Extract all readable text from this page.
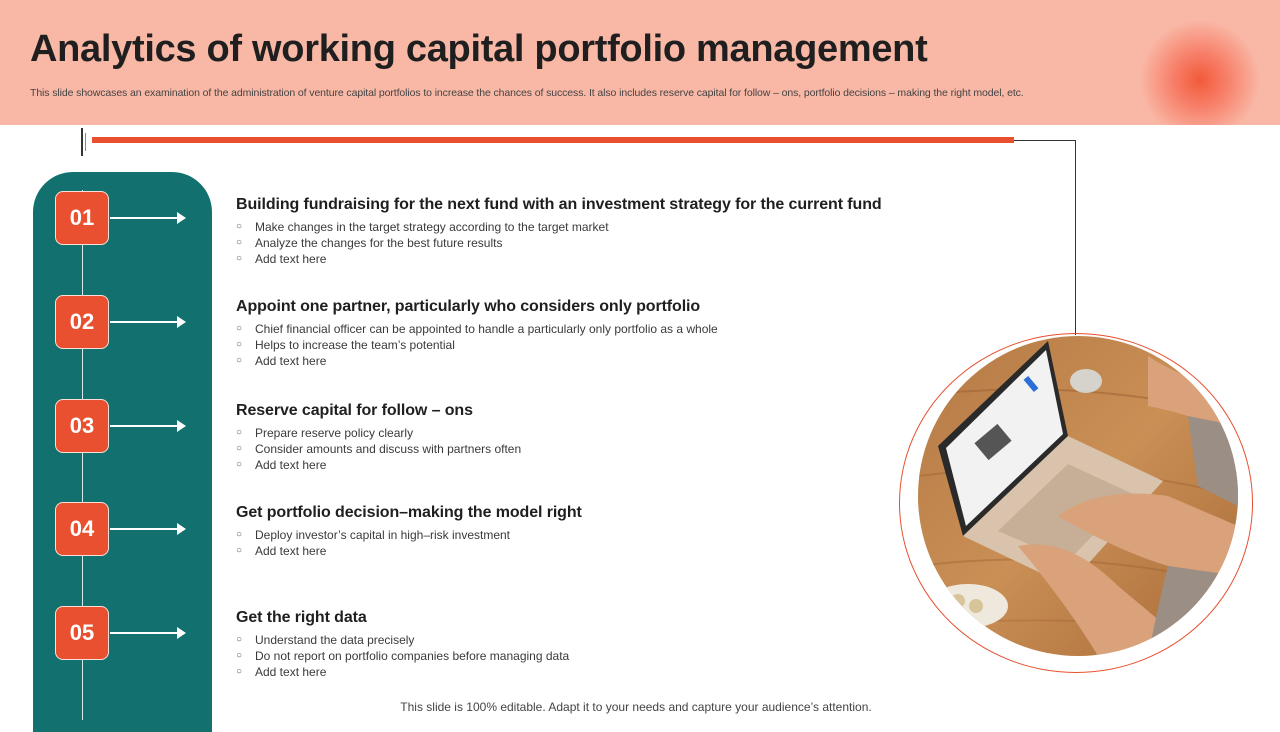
Analytics of working capital portfolio management
This slide showcases an examination of the administration of venture capital portfolios to increase the chances of success. It also includes reserve capital for follow – ons, portfolio decisions – making the right model, etc.
01
Building fundraising for the next fund with an investment strategy for the current fund
○ Make changes in the target strategy according to the target market
○ Analyze the changes for the best future results
○ Add text here
02
Appoint one partner, particularly who considers only portfolio
○ Chief financial officer can be appointed to handle a particularly only portfolio as a whole
○ Helps to increase the team’s potential
○ Add text here
03
Reserve capital for follow – ons
○ Prepare reserve policy clearly
○ Consider amounts and discuss with partners often
○ Add text here
04
Get portfolio decision–making the model right
○ Deploy investor’s capital in high–risk investment
○ Add text here
05
Get the right data
○ Understand the data precisely
○ Do not report on portfolio companies before managing data
○ Add text here
This slide is 100% editable. Adapt it to your needs and capture your audience’s attention.
